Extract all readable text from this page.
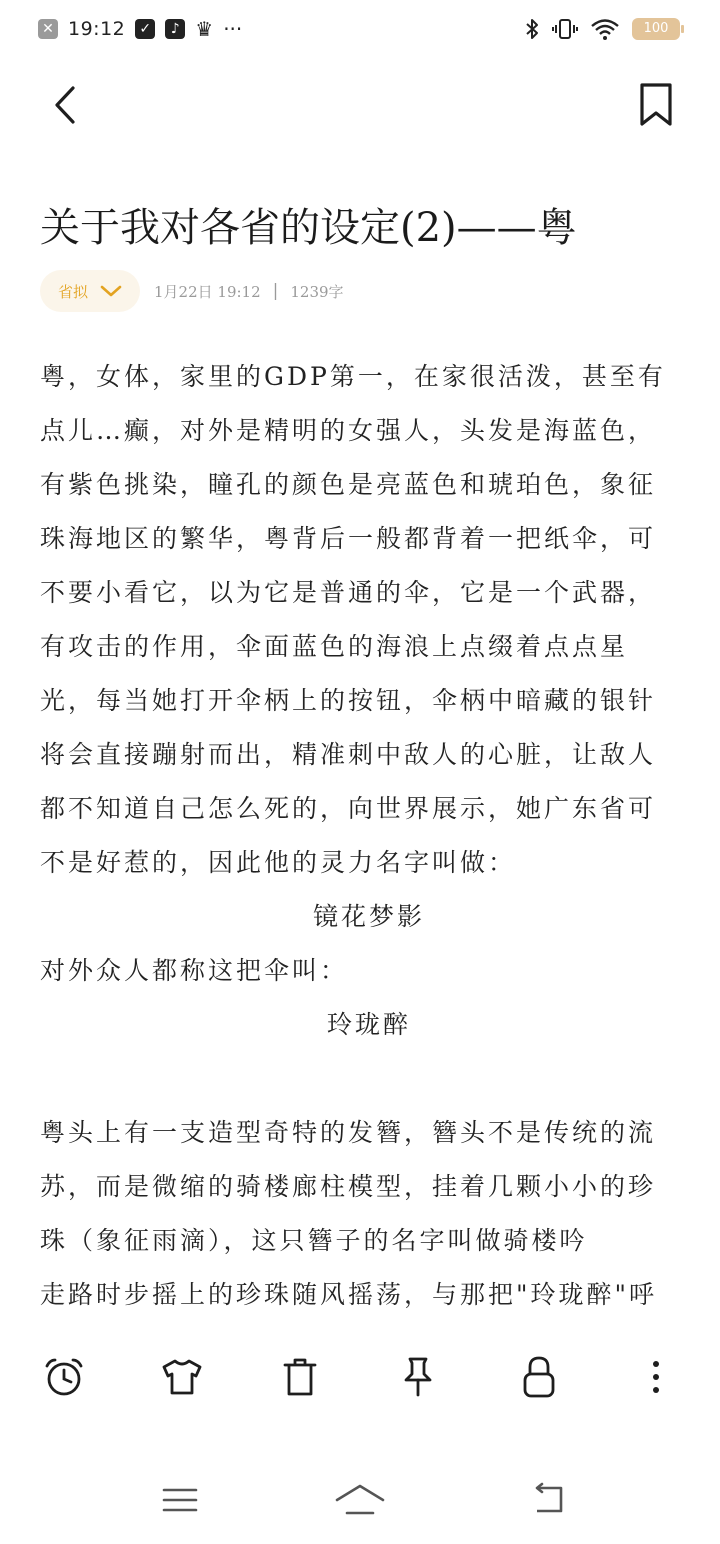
✕ 19:12 ✓	♪ ♛ ···	100
关于我对各省的设定(2)——粤
省拟	1月22日 19:12 | 1239字

粤，女体，家里的GDP第一，在家很活泼，甚至有点儿…癫，对外是精明的女强人，头发是海蓝色，有紫色挑染，瞳孔的颜色是亮蓝色和琥珀色，象征珠海地区的繁华，粤背后一般都背着一把纸伞，可不要小看它，以为它是普通的伞，它是一个武器，有攻击的作用，伞面蓝色的海浪上点缀着点点星光，每当她打开伞柄上的按钮，伞柄中暗藏的银针将会直接蹦射而出，精准刺中敌人的心脏，让敌人都不知道自己怎么死的，向世界展示，她广东省可不是好惹的，因此他的灵力名字叫做：

镜花梦影

对外众人都称这把伞叫：

玲珑醉

粤头上有一支造型奇特的发簪，簪头不是传统的流苏，而是微缩的骑楼廊柱模型，挂着几颗小小的珍珠（象征雨滴），这只簪子的名字叫做骑楼吟

走路时步摇上的珍珠随风摇荡，与那把"玲珑醉"呼
